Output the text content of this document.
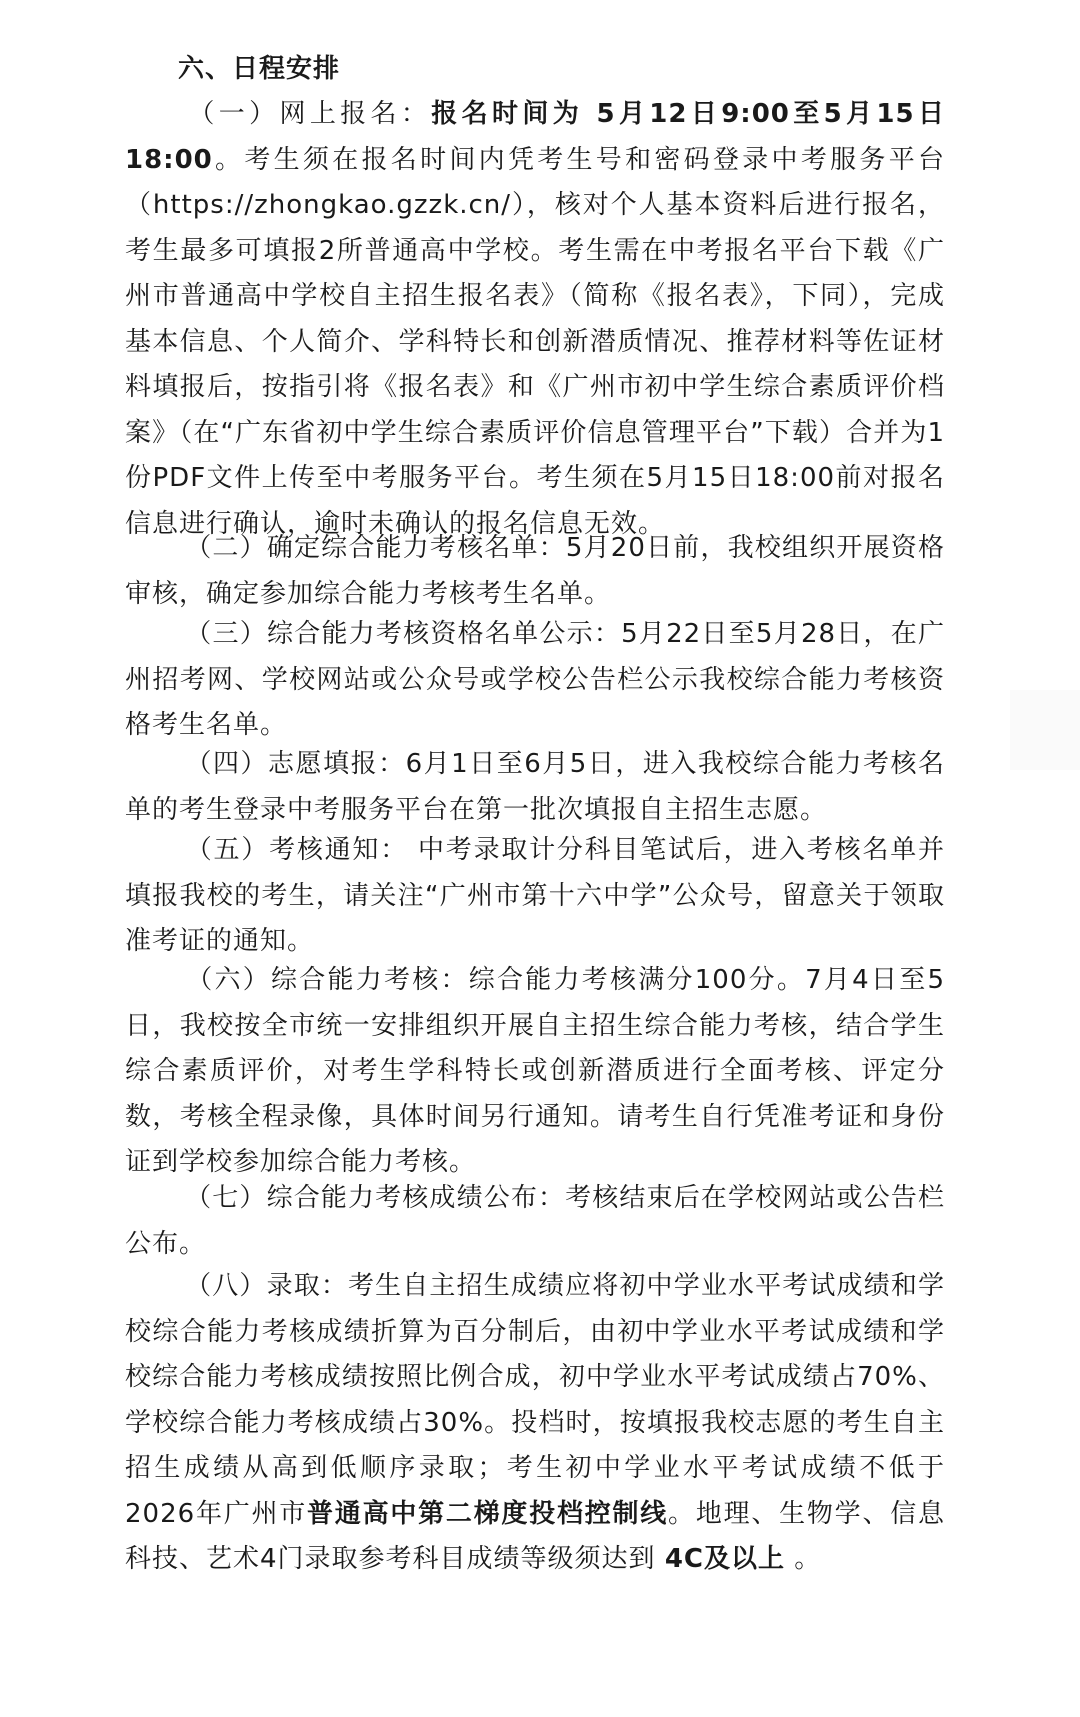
六、日程安排
（一）网上报名：报名时间为 5月12日9:00至5月15日18:00。考生须在报名时间内凭考生号和密码登录中考服务平台（https://zhongkao.gzzk.cn/），核对个人基本资料后进行报名，考生最多可填报2所普通高中学校。考生需在中考报名平台下载《广州市普通高中学校自主招生报名表》（简称《报名表》，下同），完成基本信息、个人简介、学科特长和创新潜质情况、推荐材料等佐证材料填报后，按指引将《报名表》和《广州市初中学生综合素质评价档案》（在“广东省初中学生综合素质评价信息管理平台”下载）合并为1份PDF文件上传至中考服务平台。考生须在5月15日18:00前对报名信息进行确认，逾时未确认的报名信息无效。
（二）确定综合能力考核名单：5月20日前，我校组织开展资格审核，确定参加综合能力考核考生名单。
（三）综合能力考核资格名单公示：5月22日至5月28日，在广州招考网、学校网站或公众号或学校公告栏公示我校综合能力考核资格考生名单。
（四）志愿填报：6月1日至6月5日，进入我校综合能力考核名单的考生登录中考服务平台在第一批次填报自主招生志愿。
（五）考核通知： 中考录取计分科目笔试后，进入考核名单并填报我校的考生，请关注“广州市第十六中学”公众号，留意关于领取准考证的通知。
（六）综合能力考核：综合能力考核满分100分。7月4日至5日，我校按全市统一安排组织开展自主招生综合能力考核，结合学生综合素质评价，对考生学科特长或创新潜质进行全面考核、评定分数，考核全程录像，具体时间另行通知。请考生自行凭准考证和身份证到学校参加综合能力考核。
（七）综合能力考核成绩公布：考核结束后在学校网站或公告栏公布。
（八）录取：考生自主招生成绩应将初中学业水平考试成绩和学校综合能力考核成绩折算为百分制后，由初中学业水平考试成绩和学校综合能力考核成绩按照比例合成，初中学业水平考试成绩占70%、学校综合能力考核成绩占30%。投档时，按填报我校志愿的考生自主招生成绩从高到低顺序录取；考生初中学业水平考试成绩不低于2026年广州市普通高中第二梯度投档控制线。地理、生物学、信息科技、艺术4门录取参考科目成绩等级须达到 4C及以上 。
